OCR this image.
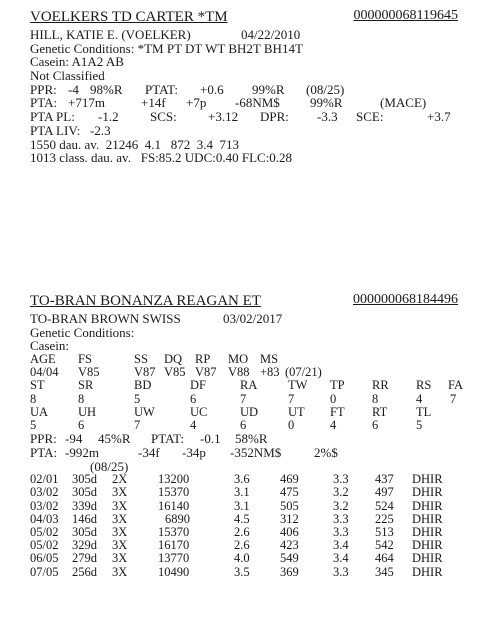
VOELKERS TD CARTER *TM	000000068119645
HILL, KATIE E. (VOELKER)	04/22/2010
Genetic Conditions: *TM PT DT WT BH2T BH14T
Casein: A1A2 AB
Not Classified
PPR: -4 98%R PTAT: +0.6 99%R (08/25)
PTA: +717m	+14f +7p -68NM$ 99%R	(MACE)
PTA PL: -1.2 SCS: +3.12 DPR: -3.3 SCE:	+3.7
PTA LIV: -2.3
1550 dau. av.  21246  4.1   872  3.4  713
1013 class. dau. av.   FS:85.2 UDC:0.40 FLC:0.28
TO-BRAN BONANZA REAGAN ET	000000068184496
TO-BRAN BROWN SWISS	03/02/2017
Genetic Conditions:
Casein:
AGE FS	SS DQ RP MO MS
04/04 V85	V87 V85 V87 V88 +83 (07/21)
ST	SR	BD	DF	RA TW TP RR RS FA
8	8	5	6	7	7	0	8	4 7
UA UH	UW	UC	UD UT FT RT TL
5	6	7	4	6	0	4	6	5
PPR: -94 45%R PTAT: -0.1 58%R
PTA: -992m	-34f -34p -352NM$	2%$
(08/25)
02/01 305d 2X 13200	3.6 469	3.3 437 DHIR
03/02 305d 3X 15370	3.1 475	3.2 497 DHIR
03/02 339d 3X 16140	3.1 505	3.2 524 DHIR
04/03 146d 3X	6890	4.5 312	3.3 225 DHIR
05/02 305d 3X 15370	2.6 406	3.3 513 DHIR
05/02 329d 3X 16170	2.6 423	3.4 542 DHIR
06/05 279d 3X 13770	4.0 549	3.4 464 DHIR
07/05 256d 3X 10490	3.5 369	3.3 345 DHIR
